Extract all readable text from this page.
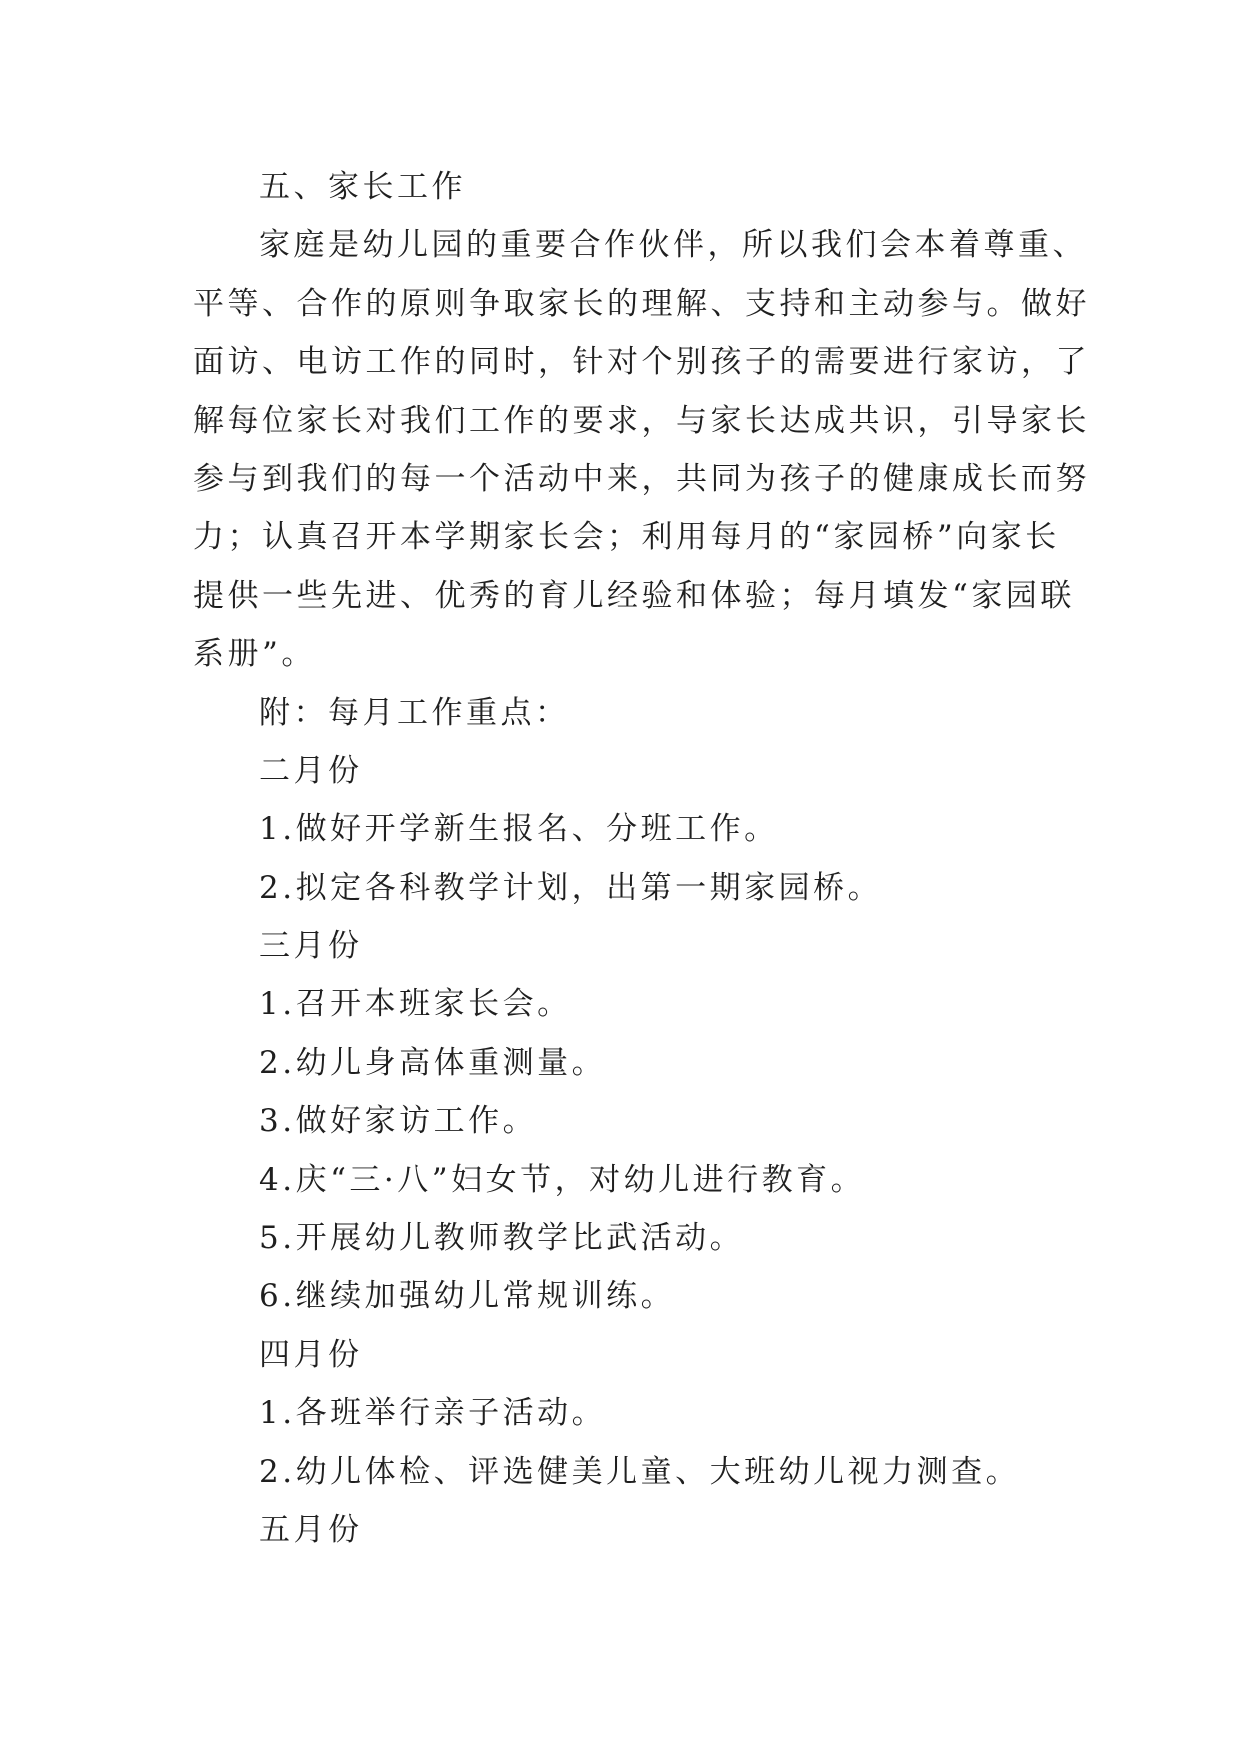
五、家长工作
家庭是幼儿园的重要合作伙伴，所以我们会本着尊重、
平等、合作的原则争取家长的理解、支持和主动参与。做好
面访、电访工作的同时，针对个别孩子的需要进行家访，了
解每位家长对我们工作的要求，与家长达成共识，引导家长
参与到我们的每一个活动中来，共同为孩子的健康成长而努
力；认真召开本学期家长会；利用每月的“家园桥”向家长
提供一些先进、优秀的育儿经验和体验；每月填发“家园联
系册”。
附：每月工作重点：
二月份
1.做好开学新生报名、分班工作。
2.拟定各科教学计划，出第一期家园桥。
三月份
1.召开本班家长会。
2.幼儿身高体重测量。
3.做好家访工作。
4.庆“三·八”妇女节，对幼儿进行教育。
5.开展幼儿教师教学比武活动。
6.继续加强幼儿常规训练。
四月份
1.各班举行亲子活动。
2.幼儿体检、评选健美儿童、大班幼儿视力测查。
五月份
